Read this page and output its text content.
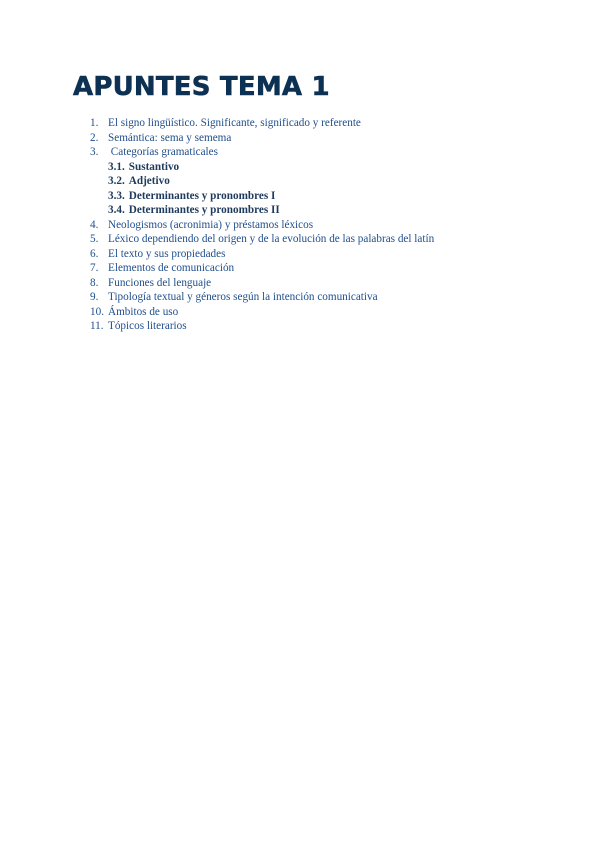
APUNTES TEMA 1
1. El signo lingüístico. Significante, significado y referente
2. Semántica: sema y semema
3. Categorías gramaticales
3.1. Sustantivo
3.2. Adjetivo
3.3. Determinantes y pronombres I
3.4. Determinantes y pronombres II
4. Neologismos (acronimia) y préstamos léxicos
5. Léxico dependiendo del origen y de la evolución de las palabras del latín
6. El texto y sus propiedades
7. Elementos de comunicación
8. Funciones del lenguaje
9. Tipología textual y géneros según la intención comunicativa
10. Ámbitos de uso
11. Tópicos literarios
